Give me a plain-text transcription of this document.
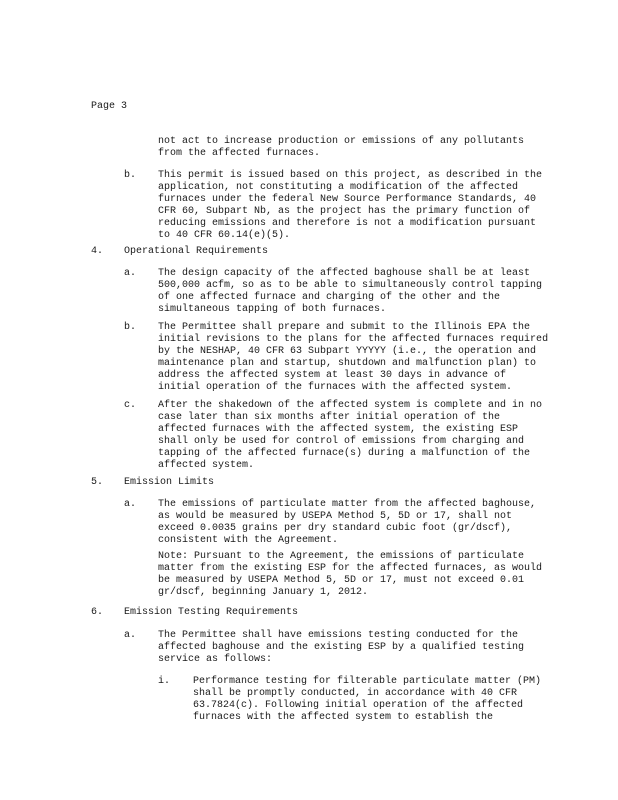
Page 3
not act to increase production or emissions of any pollutants
from the affected furnaces.
b. This permit is issued based on this project, as described in the
application, not constituting a modification of the affected
furnaces under the federal New Source Performance Standards, 40
CFR 60, Subpart Nb, as the project has the primary function of
reducing emissions and therefore is not a modification pursuant
to 40 CFR 60.14(e)(5).
4. Operational Requirements
a. The design capacity of the affected baghouse shall be at least
500,000 acfm, so as to be able to simultaneously control tapping
of one affected furnace and charging of the other and the
simultaneous tapping of both furnaces.
b. The Permittee shall prepare and submit to the Illinois EPA the
initial revisions to the plans for the affected furnaces required
by the NESHAP, 40 CFR 63 Subpart YYYYY (i.e., the operation and
maintenance plan and startup, shutdown and malfunction plan) to
address the affected system at least 30 days in advance of
initial operation of the furnaces with the affected system.
c. After the shakedown of the affected system is complete and in no
case later than six months after initial operation of the
affected furnaces with the affected system, the existing ESP
shall only be used for control of emissions from charging and
tapping of the affected furnace(s) during a malfunction of the
affected system.
5. Emission Limits
a. The emissions of particulate matter from the affected baghouse,
as would be measured by USEPA Method 5, 5D or 17, shall not
exceed 0.0035 grains per dry standard cubic foot (gr/dscf),
consistent with the Agreement.
Note: Pursuant to the Agreement, the emissions of particulate
matter from the existing ESP for the affected furnaces, as would
be measured by USEPA Method 5, 5D or 17, must not exceed 0.01
gr/dscf, beginning January 1, 2012.
6. Emission Testing Requirements
a. The Permittee shall have emissions testing conducted for the
affected baghouse and the existing ESP by a qualified testing
service as follows:
i. Performance testing for filterable particulate matter (PM)
shall be promptly conducted, in accordance with 40 CFR
63.7824(c). Following initial operation of the affected
furnaces with the affected system to establish the
